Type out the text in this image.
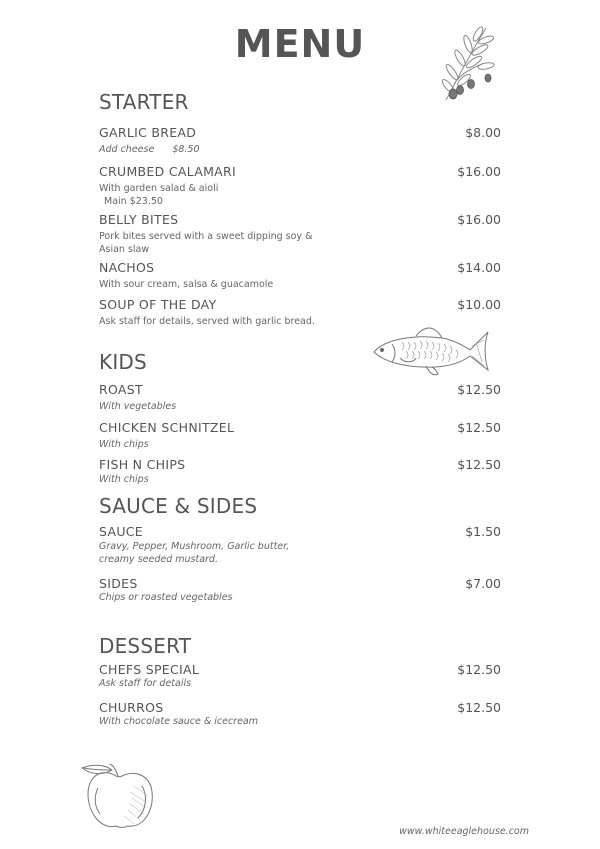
MENU
STARTER
GARLIC BREAD	$8.00
Add cheese $8.50
CRUMBED CALAMARI	$16.00
With garden salad & aioli
Main $23.50
BELLY BITES	$16.00
Pork bites served with a sweet dipping soy & Asian slaw
NACHOS	$14.00
With sour cream, salsa & guacamole
SOUP OF THE DAY	$10.00
Ask staff for details, served with garlic bread.
KIDS
ROAST	$12.50
With vegetables
CHICKEN SCHNITZEL	$12.50
With chips
FISH N CHIPS	$12.50
With chips
SAUCE & SIDES
SAUCE	$1.50
Gravy, Pepper, Mushroom, Garlic butter, creamy seeded mustard.
SIDES	$7.00
Chips or roasted vegetables
DESSERT
CHEFS SPECIAL	$12.50
Ask staff for details
CHURROS	$12.50
With chocolate sauce & icecream
www.whiteeaglehouse.com
